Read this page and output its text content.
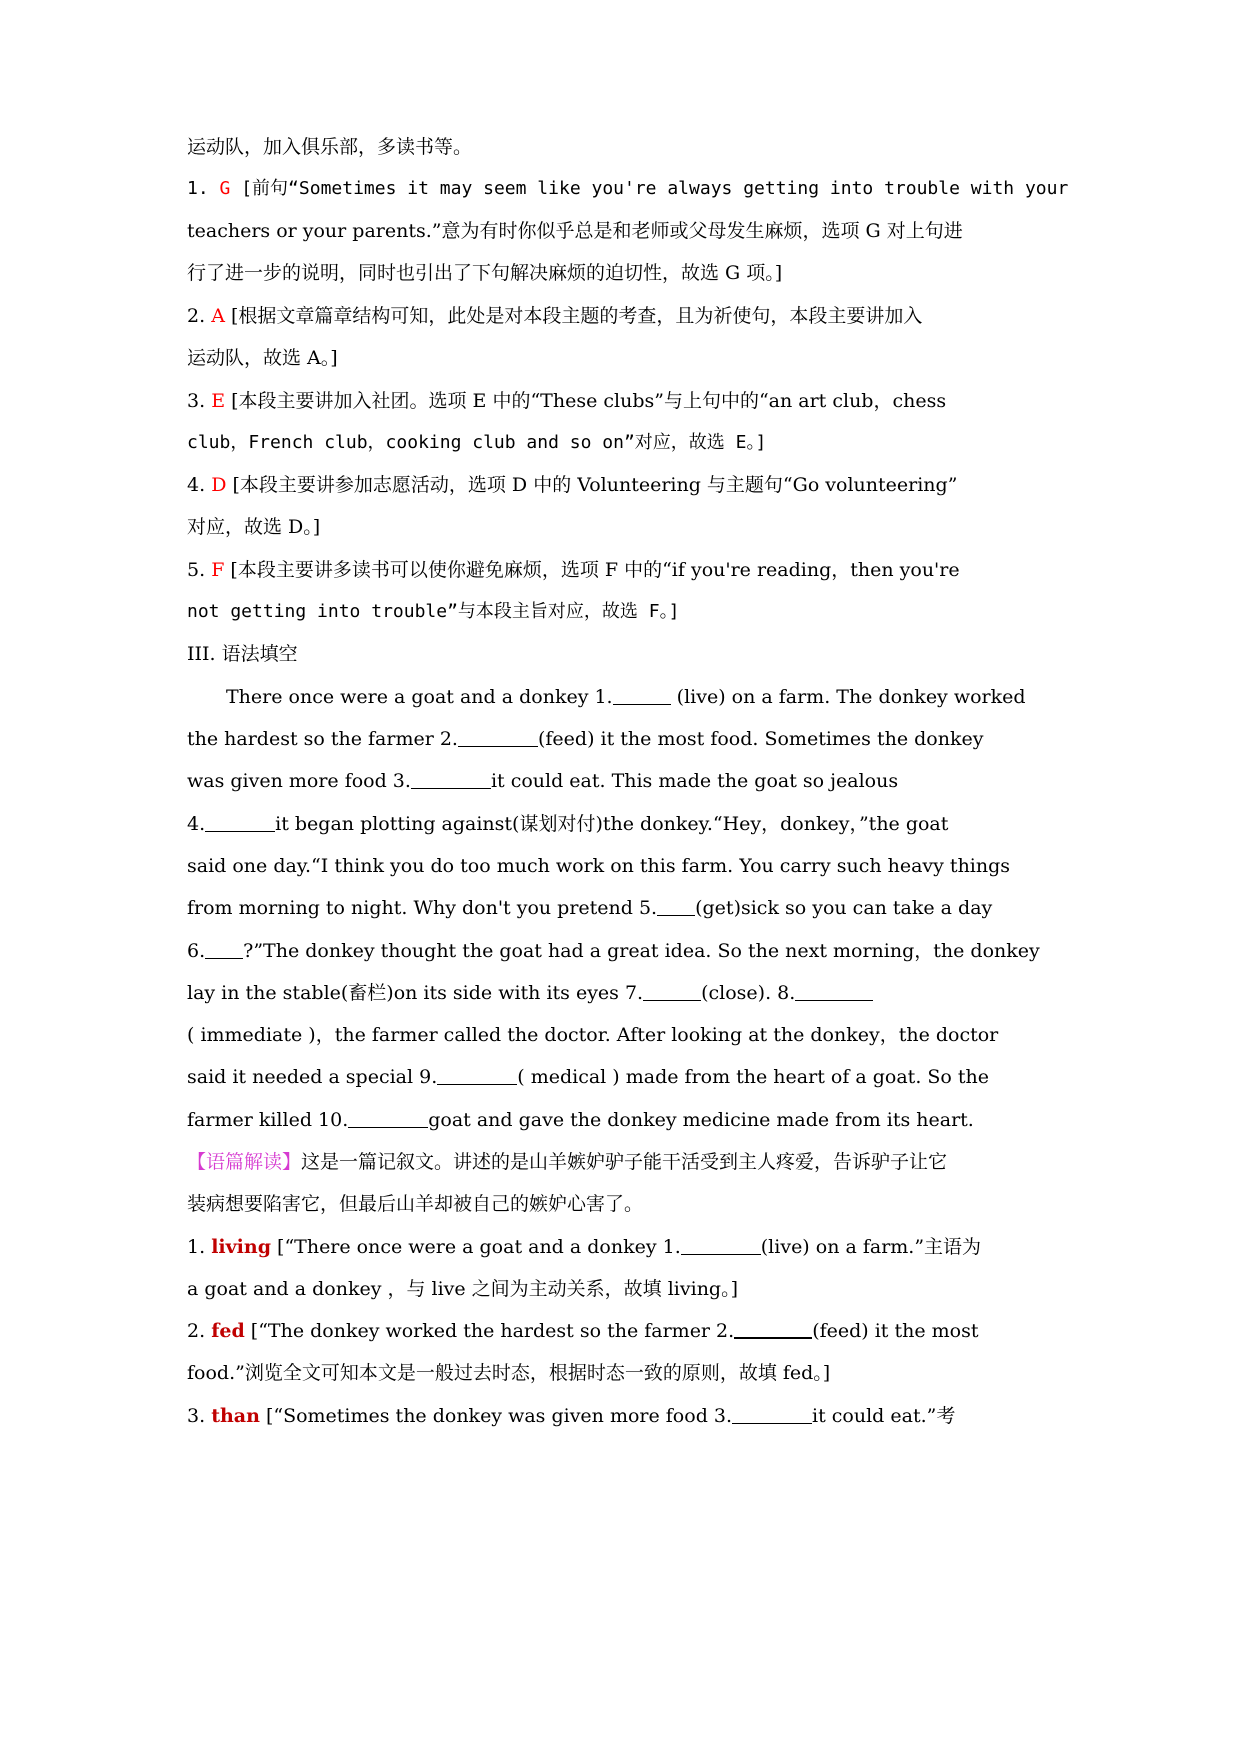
运动队，加入俱乐部，多读书等。
1. G [前句“Sometimes it may seem like you're always getting into trouble with your
teachers or your parents.”意为有时你似乎总是和老师或父母发生麻烦，选项 G 对上句进
行了进一步的说明，同时也引出了下句解决麻烦的迫切性，故选 G 项。]
2. A [根据文章篇章结构可知，此处是对本段主题的考查，且为祈使句，本段主要讲加入
运动队，故选 A。]
3. E [本段主要讲加入社团。选项 E 中的“These clubs”与上句中的“an art club，chess
club，French club，cooking club and so on”对应，故选 E。]
4. D [本段主要讲参加志愿活动，选项 D 中的 Volunteering 与主题句“Go volunteering”
对应，故选 D。]
5. F [本段主要讲多读书可以使你避免麻烦，选项 F 中的“if you're reading，then you're
not getting into trouble”与本段主旨对应，故选 F。]
III. 语法填空
There once were a goat and a donkey 1.	(live) on a farm. The donkey worked
the hardest so the farmer 2.	(feed) it the most food. Sometimes the donkey
was given more food 3.	it could eat. This made the goat so jealous
4.	it began plotting against(谋划对付)the donkey.“Hey，donkey，”the goat
said one day.“I think you do too much work on this farm. You carry such heavy things
from morning to night. Why don't you pretend 5. (get)sick so you can take a day
6. ?”The donkey thought the goat had a great idea. So the next morning，the donkey
lay in the stable(畜栏)on its side with its eyes 7.	(close). 8.
( immediate )，the farmer called the doctor. After looking at the donkey，the doctor
said it needed a special 9.	( medical ) made from the heart of a goat. So the
farmer killed 10.	goat and gave the donkey medicine made from its heart.
【语篇解读】这是一篇记叙文。讲述的是山羊嫉妒驴子能干活受到主人疼爱，告诉驴子让它
装病想要陷害它，但最后山羊却被自己的嫉妒心害了。
1. living [“There once were a goat and a donkey 1.	(live) on a farm.”主语为
a goat and a donkey ，与 live 之间为主动关系，故填 living。]
2. fed [“The donkey worked the hardest so the farmer 2.	(feed) it the most
food.”浏览全文可知本文是一般过去时态，根据时态一致的原则，故填 fed。]
3. than [“Sometimes the donkey was given more food 3.	it could eat.”考
